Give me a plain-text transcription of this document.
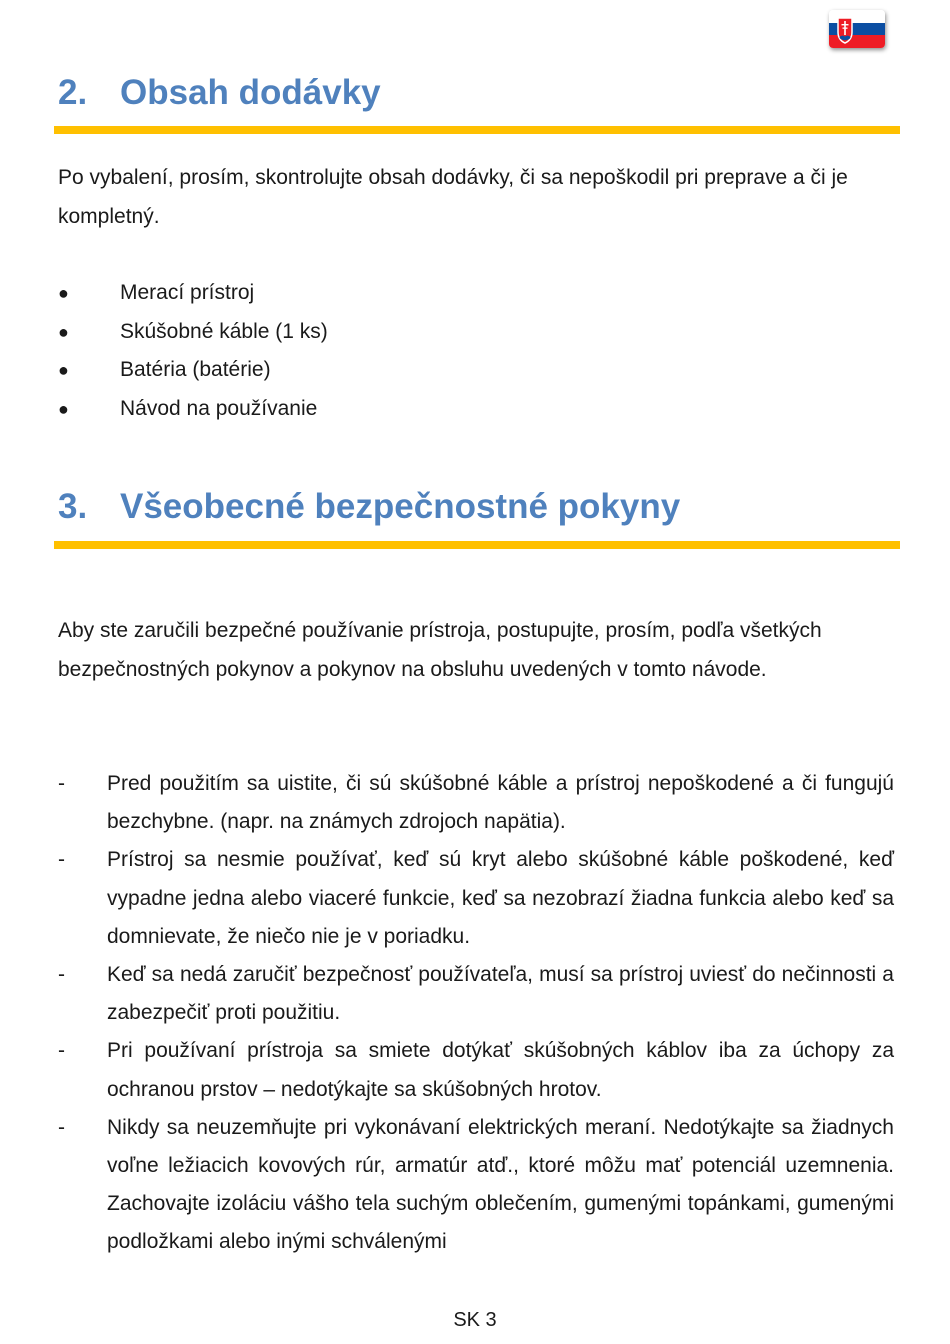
2. Obsah dodávky

Po vybalení, prosím, skontrolujte obsah dodávky, či sa nepoškodil pri preprave a či je kompletný.

● Merací prístroj
● Skúšobné káble (1 ks)
● Batéria (batérie)
● Návod na používanie
3. Všeobecné bezpečnostné pokyny

Aby ste zaručili bezpečné používanie prístroja, postupujte, prosím, podľa všetkých bezpečnostných pokynov a pokynov na obsluhu uvedených v tomto návode.

- Pred použitím sa uistite, či sú skúšobné káble a prístroj nepoškodené a či fungujú bezchybne. (napr. na známych zdrojoch napätia).
- Prístroj sa nesmie používať, keď sú kryt alebo skúšobné káble poškodené, keď vypadne jedna alebo viaceré funkcie, keď sa nezobrazí žiadna funkcia alebo keď sa domnievate, že niečo nie je v poriadku.
- Keď sa nedá zaručiť bezpečnosť používateľa, musí sa prístroj uviesť do nečinnosti a zabezpečiť proti použitiu.
- Pri používaní prístroja sa smiete dotýkať skúšobných káblov iba za úchopy za ochranou prstov – nedotýkajte sa skúšobných hrotov.
- Nikdy sa neuzemňujte pri vykonávaní elektrických meraní. Nedotýkajte sa žiadnych voľne ležiacich kovových rúr, armatúr atď., ktoré môžu mať potenciál uzemnenia. Zachovajte izoláciu vášho tela suchým oblečením, gumenými topánkami, gumenými podložkami alebo inými schválenými

SK 3
